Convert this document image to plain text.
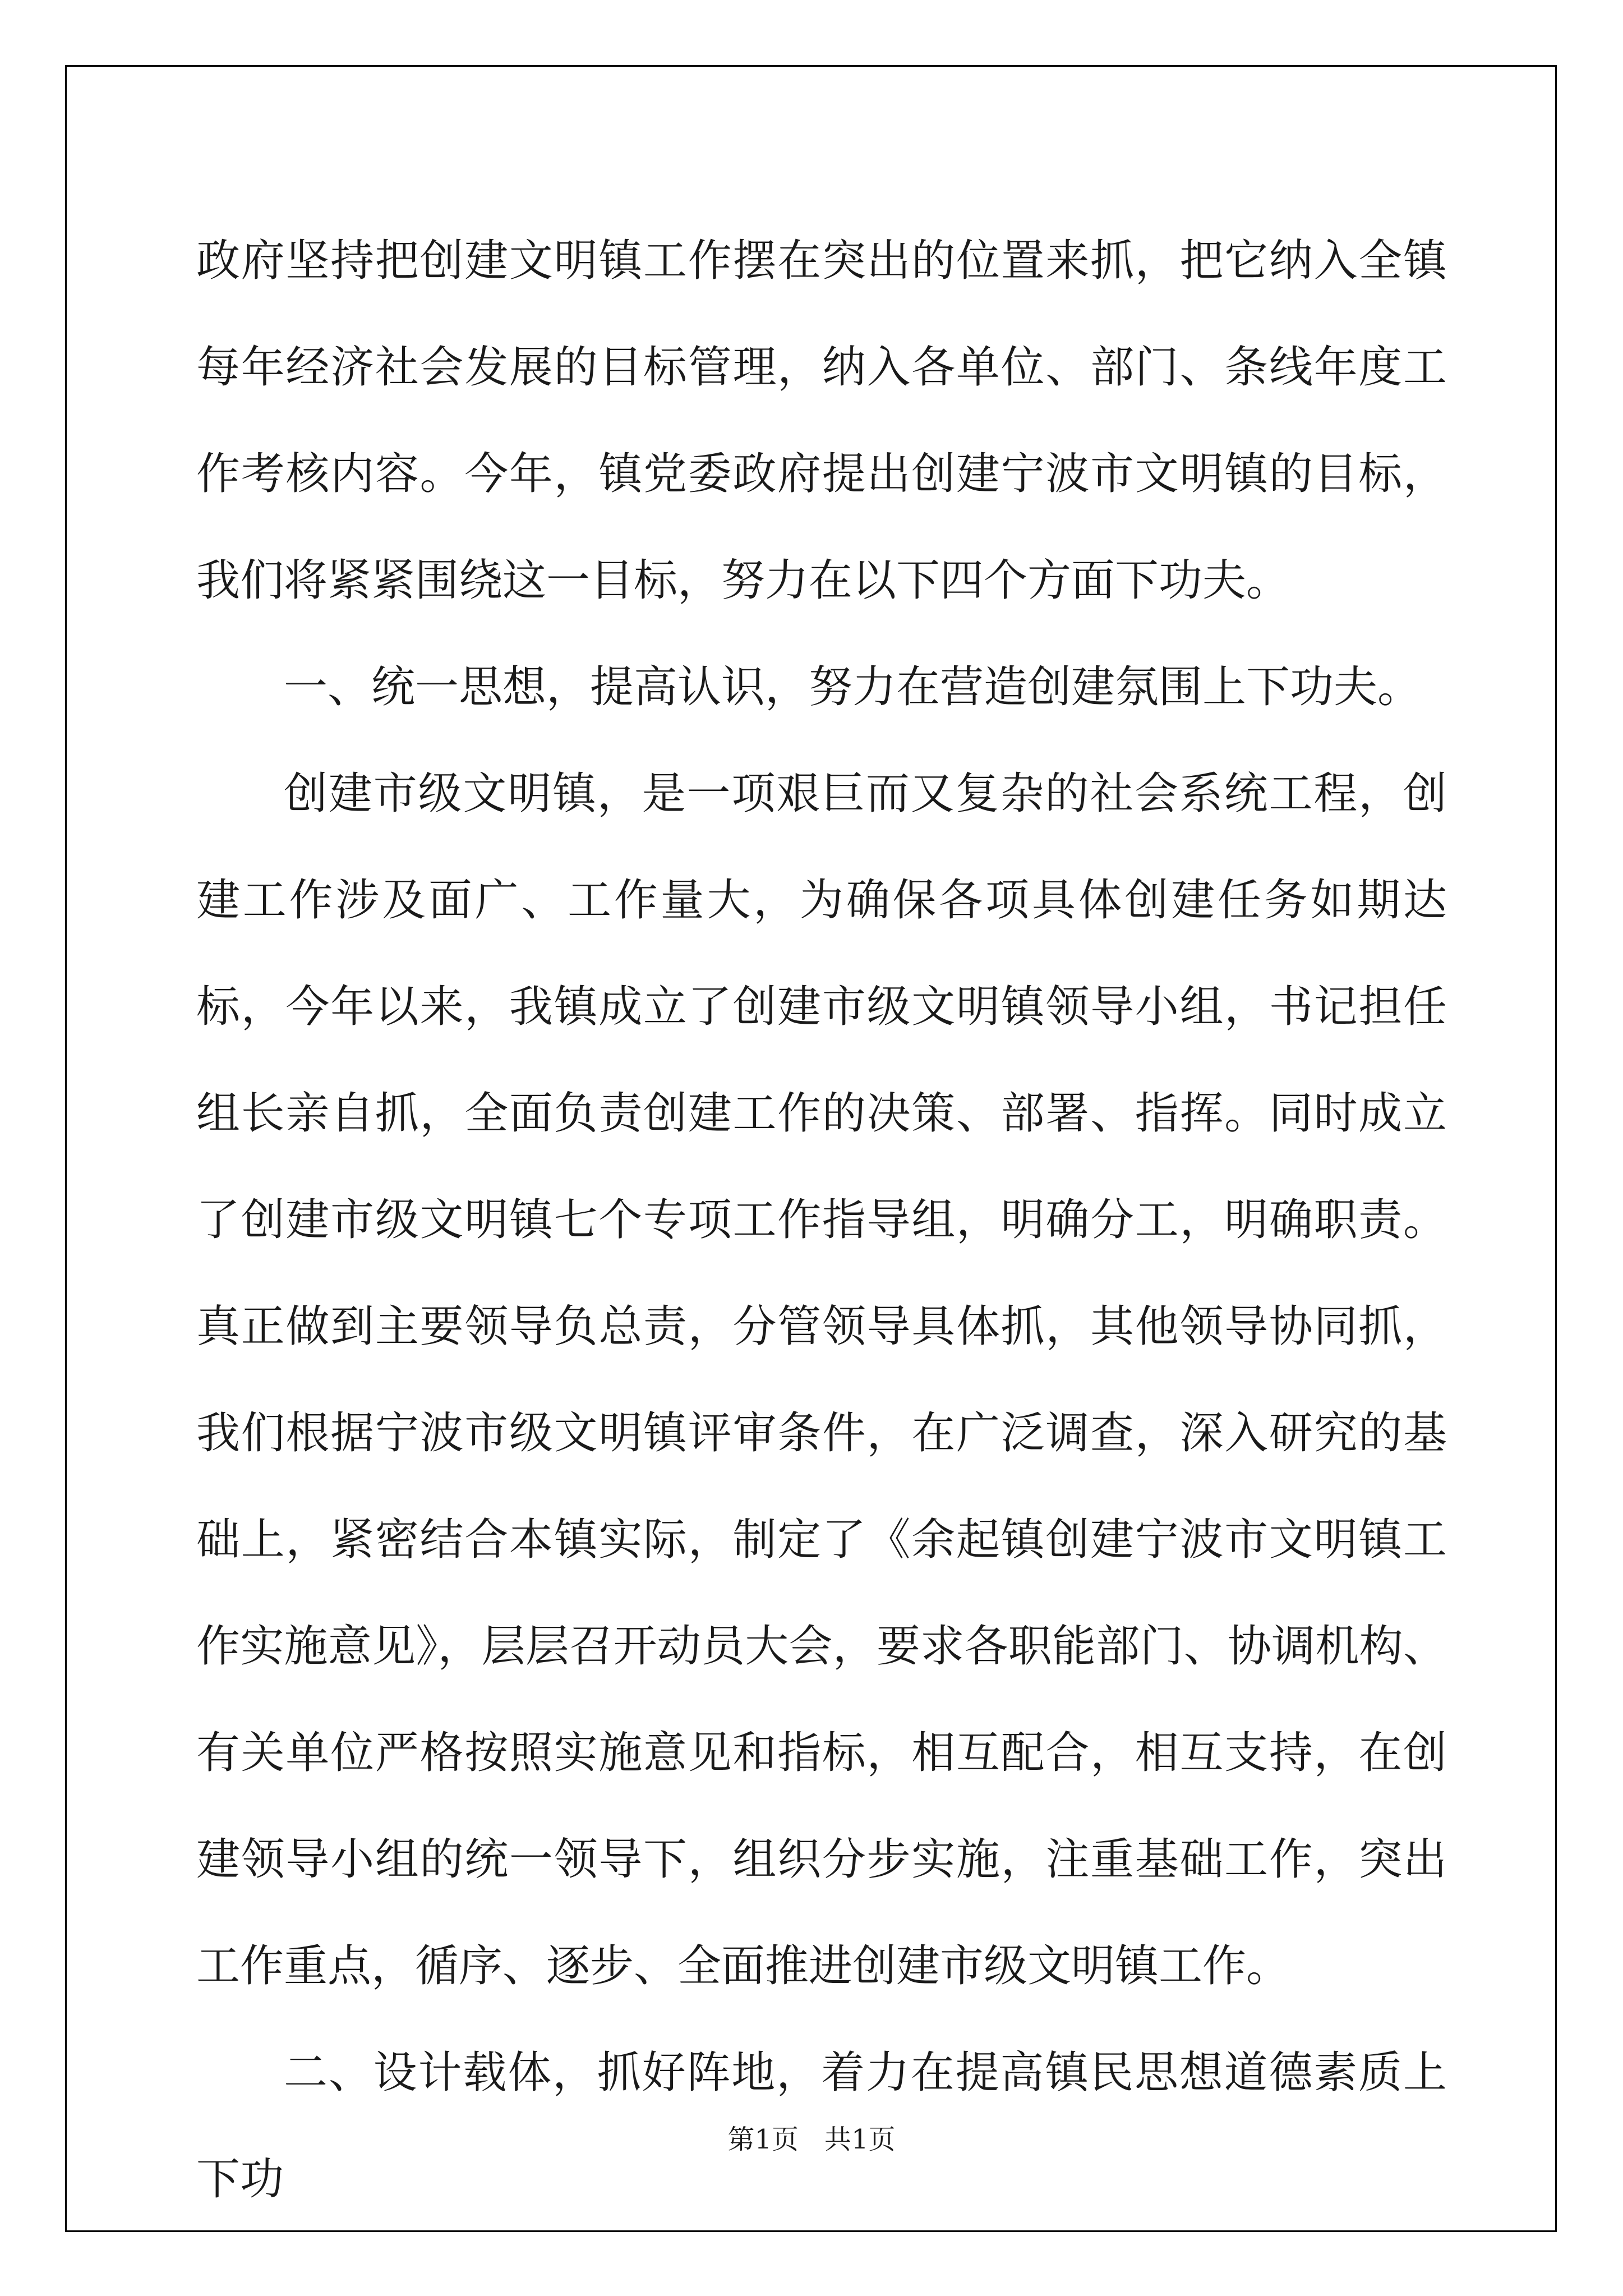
政府坚持把创建文明镇工作摆在突出的位置来抓，把它纳入全镇每年经济社会发展的目标管理，纳入各单位、部门、条线年度工作考核内容。今年，镇党委政府提出创建宁波市文明镇的目标，我们将紧紧围绕这一目标，努力在以下四个方面下功夫。

一、统一思想，提高认识，努力在营造创建氛围上下功夫。

创建市级文明镇，是一项艰巨而又复杂的社会系统工程，创建工作涉及面广、工作量大，为确保各项具体创建任务如期达标，今年以来，我镇成立了创建市级文明镇领导小组，书记担任组长亲自抓，全面负责创建工作的决策、部署、指挥。同时成立了创建市级文明镇七个专项工作指导组，明确分工，明确职责。真正做到主要领导负总责，分管领导具体抓，其他领导协同抓，我们根据宁波市级文明镇评审条件，在广泛调查，深入研究的基础上，紧密结合本镇实际，制定了《余起镇创建宁波市文明镇工作实施意见》，层层召开动员大会，要求各职能部门、协调机构、有关单位严格按照实施意见和指标，相互配合，相互支持，在创建领导小组的统一领导下，组织分步实施，注重基础工作，突出工作重点，循序、逐步、全面推进创建市级文明镇工作。

二、设计载体，抓好阵地，着力在提高镇民思想道德素质上下功

第1页 共1页
